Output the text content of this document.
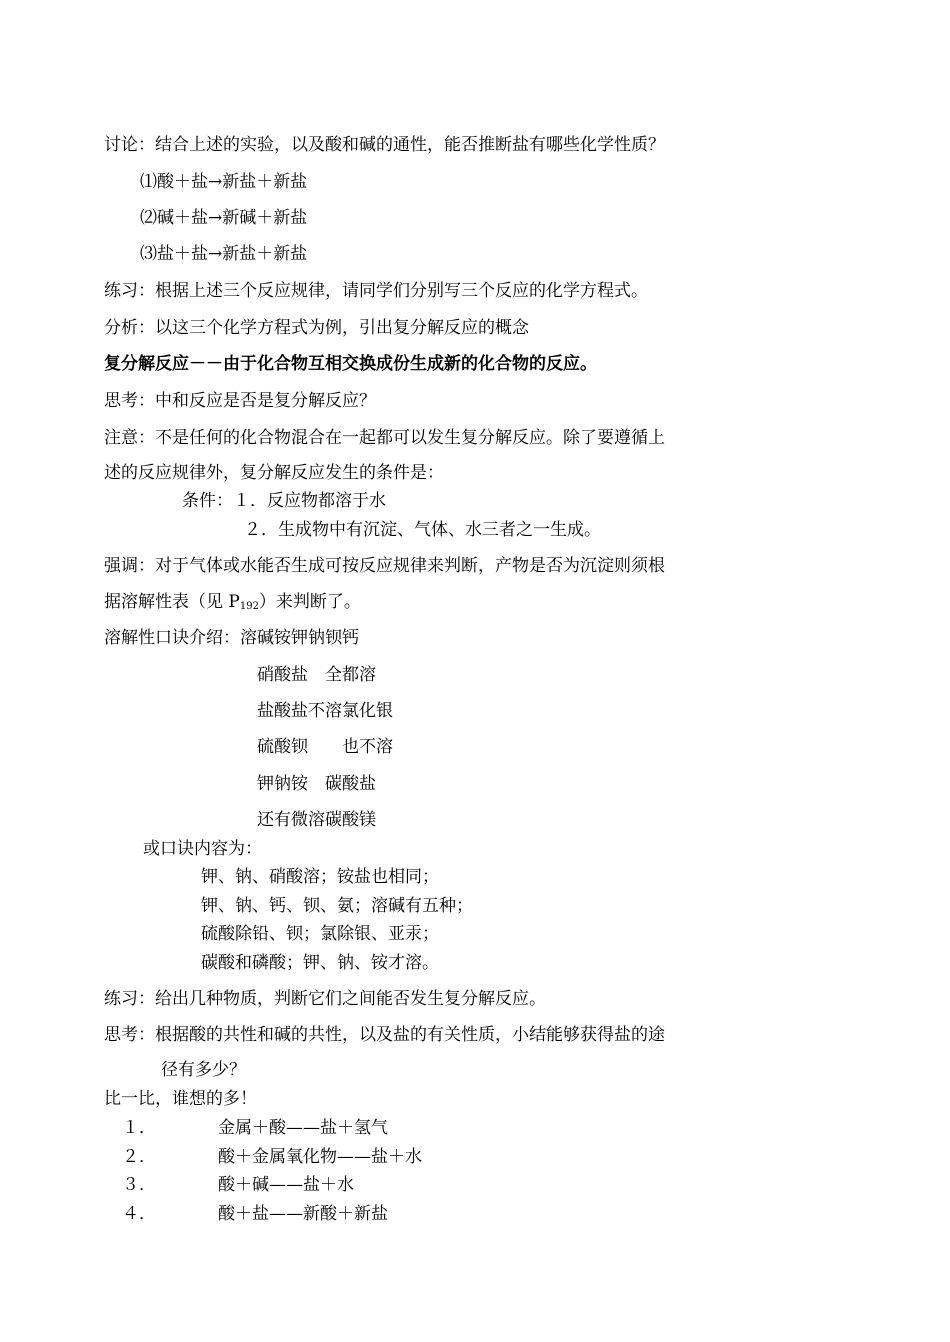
讨论：结合上述的实验，以及酸和碱的通性，能否推断盐有哪些化学性质？
⑴酸＋盐→新盐＋新盐
⑵碱＋盐→新碱＋新盐
⑶盐＋盐→新盐＋新盐
练习：根据上述三个反应规律，请同学们分别写三个反应的化学方程式。
分析：以这三个化学方程式为例，引出复分解反应的概念
复分解反应－－由于化合物互相交换成份生成新的化合物的反应。
思考：中和反应是否是复分解反应？
注意：不是任何的化合物混合在一起都可以发生复分解反应。除了要遵循上
述的反应规律外，复分解反应发生的条件是：
条件：１．反应物都溶于水
２．生成物中有沉淀、气体、水三者之一生成。
强调：对于气体或水能否生成可按反应规律来判断，产物是否为沉淀则须根
据溶解性表（见 $P_{192}$）来判断了。
溶解性口诀介绍：溶碱铵钾钠钡钙
硝酸盐　全都溶
盐酸盐不溶氯化银
硫酸钡　　也不溶
钾钠铵　碳酸盐
还有微溶碳酸镁
或口诀内容为：
钾、钠、硝酸溶；铵盐也相同；
钾、钠、钙、钡、氨；溶碱有五种；
硫酸除铅、钡；氯除银、亚汞；
碳酸和磷酸；钾、钠、铵才溶。
练习：给出几种物质，判断它们之间能否发生复分解反应。
思考：根据酸的共性和碱的共性，以及盐的有关性质，小结能够获得盐的途
径有多少？
比一比，谁想的多！
１．	金属＋酸——盐＋氢气
２．	酸＋金属氧化物——盐＋水
３．	酸＋碱——盐＋水
４．	酸＋盐——新酸＋新盐
